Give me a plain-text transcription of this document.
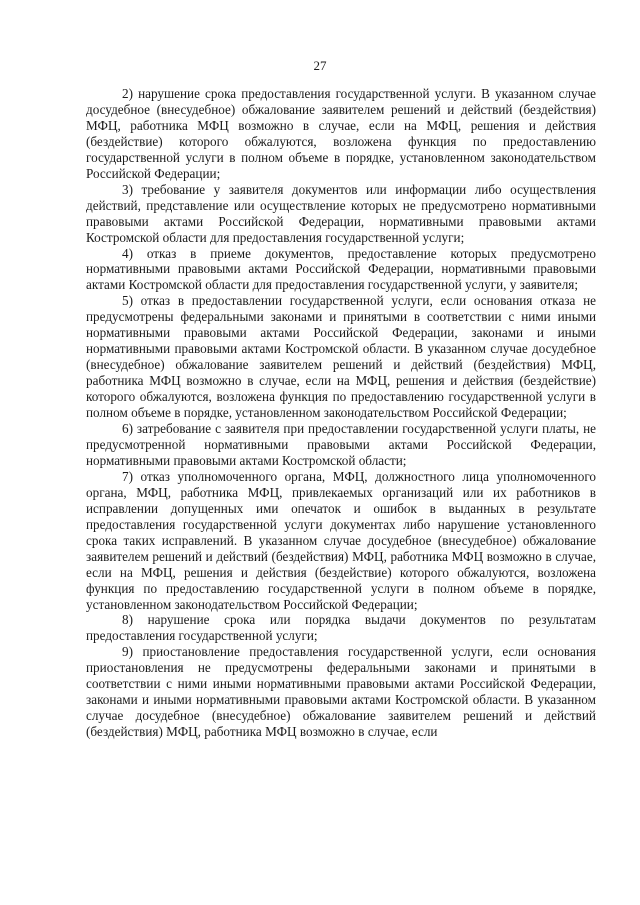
27

2) нарушение срока предоставления государственной услуги. В указанном случае досудебное (внесудебное) обжалование заявителем решений и действий (бездействия) МФЦ, работника МФЦ возможно в случае, если на МФЦ, решения и действия (бездействие) которого обжалуются, возложена функция по предоставлению государственной услуги в полном объеме в порядке, установленном законодательством Российской Федерации;

3) требование у заявителя документов или информации либо осуществления действий, представление или осуществление которых не предусмотрено нормативными правовыми актами Российской Федерации, нормативными правовыми актами Костромской области для предоставления государственной услуги;

4) отказ в приеме документов, предоставление которых предусмотрено нормативными правовыми актами Российской Федерации, нормативными правовыми актами Костромской области для предоставления государственной услуги, у заявителя;

5) отказ в предоставлении государственной услуги, если основания отказа не предусмотрены федеральными законами и принятыми в соответствии с ними иными нормативными правовыми актами Российской Федерации, законами и иными нормативными правовыми актами Костромской области. В указанном случае досудебное (внесудебное) обжалование заявителем решений и действий (бездействия) МФЦ, работника МФЦ возможно в случае, если на МФЦ, решения и действия (бездействие) которого обжалуются, возложена функция по предоставлению государственной услуги в полном объеме в порядке, установленном законодательством Российской Федерации;

6) затребование с заявителя при предоставлении государственной услуги платы, не предусмотренной нормативными правовыми актами Российской Федерации, нормативными правовыми актами Костромской области;

7) отказ уполномоченного органа, МФЦ, должностного лица уполномоченного органа, МФЦ, работника МФЦ, привлекаемых организаций или их работников в исправлении допущенных ими опечаток и ошибок в выданных в результате предоставления государственной услуги документах либо нарушение установленного срока таких исправлений. В указанном случае досудебное (внесудебное) обжалование заявителем решений и действий (бездействия) МФЦ, работника МФЦ возможно в случае, если на МФЦ, решения и действия (бездействие) которого обжалуются, возложена функция по предоставлению государственной услуги в полном объеме в порядке, установленном законодательством Российской Федерации;

8) нарушение срока или порядка выдачи документов по результатам предоставления государственной услуги;

9) приостановление предоставления государственной услуги, если основания приостановления не предусмотрены федеральными законами и принятыми в соответствии с ними иными нормативными правовыми актами Российской Федерации, законами и иными нормативными правовыми актами Костромской области. В указанном случае досудебное (внесудебное) обжалование заявителем решений и действий (бездействия) МФЦ, работника МФЦ возможно в случае, если
